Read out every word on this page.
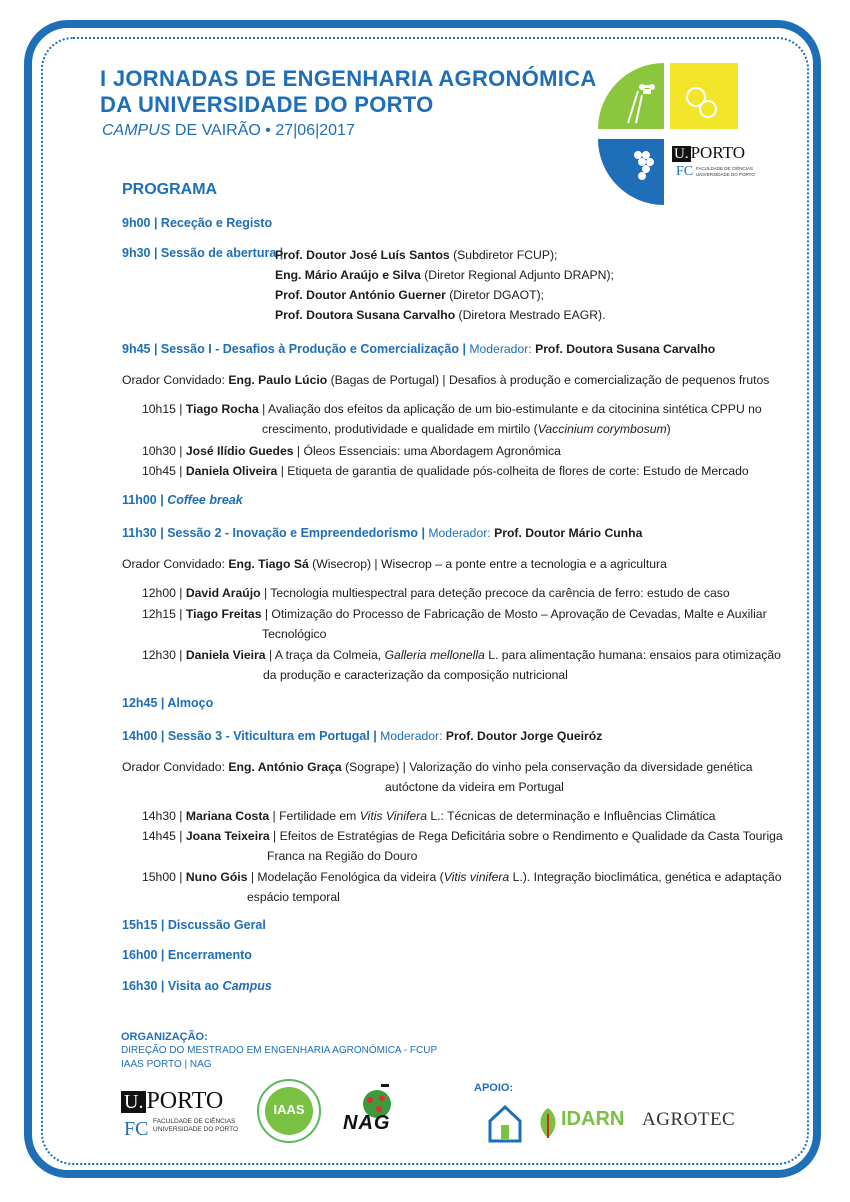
I JORNADAS DE ENGENHARIA AGRONÓMICA
DA UNIVERSIDADE DO PORTO
CAMPUS DE VAIRÃO • 27|06|2017
U. PORTO
FC FACULDADE DE CIÊNCIAS
UNIVERSIDADE DO PORTO
PROGRAMA
9h00 | Receção e Registo
9h30 | Sessão de abertura |
Prof. Doutor José Luís Santos (Subdiretor FCUP);
Eng. Mário Araújo e Silva (Diretor Regional Adjunto DRAPN);
Prof. Doutor António Guerner (Diretor DGAOT);
Prof. Doutora Susana Carvalho (Diretora Mestrado EAGR).
9h45 | Sessão I - Desafios à Produção e Comercialização | Moderador: Prof. Doutora Susana Carvalho
Orador Convidado: Eng. Paulo Lúcio (Bagas de Portugal) | Desafios à produção e comercialização de pequenos frutos
10h15 | Tiago Rocha | Avaliação dos efeitos da aplicação de um bio-estimulante e da citocinina sintética CPPU no
crescimento, produtividade e qualidade em mirtilo (Vaccinium corymbosum)
10h30 | José Ilídio Guedes | Óleos Essenciais: uma Abordagem Agronómica
10h45 | Daniela Oliveira | Etiqueta de garantia de qualidade pós-colheita de flores de corte: Estudo de Mercado
11h00 | Coffee break
11h30 | Sessão 2 - Inovação e Empreendedorismo | Moderador: Prof. Doutor Mário Cunha
Orador Convidado: Eng. Tiago Sá (Wisecrop) | Wisecrop – a ponte entre a tecnologia e a agricultura
12h00 | David Araújo | Tecnologia multiespectral para deteção precoce da carência de ferro: estudo de caso
12h15 | Tiago Freitas | Otimização do Processo de Fabricação de Mosto – Aprovação de Cevadas, Malte e Auxiliar
Tecnológico
12h30 | Daniela Vieira | A traça da Colmeia, Galleria mellonella L. para alimentação humana: ensaios para otimização
da produção e caracterização da composição nutricional
12h45 | Almoço
14h00 | Sessão 3 - Viticultura em Portugal | Moderador: Prof. Doutor Jorge Queiróz
Orador Convidado: Eng. António Graça (Sogrape) | Valorização do vinho pela conservação da diversidade genética
autóctone da videira em Portugal
14h30 | Mariana Costa | Fertilidade em Vitis Vinifera L.: Técnicas de determinação e Influências Climática
14h45 | Joana Teixeira | Efeitos de Estratégias de Rega Deficitária sobre o Rendimento e Qualidade da Casta Touriga
Franca na Região do Douro
15h00 | Nuno Góis | Modelação Fenológica da videira (Vitis vinifera L.). Integração bioclimática, genética e adaptação
espácio temporal
15h15 | Discussão Geral
16h00 | Encerramento
16h30 | Visita ao Campus
ORGANIZAÇÃO:
DIREÇÃO DO MESTRADO EM ENGENHARIA AGRONÓMICA - FCUP
IAAS PORTO | NAG
APOIO:
U. PORTO
FC FACULDADE DE CIÊNCIAS
UNIVERSIDADE DO PORTO
IAAS
NAG	IDARN AGROTEC
